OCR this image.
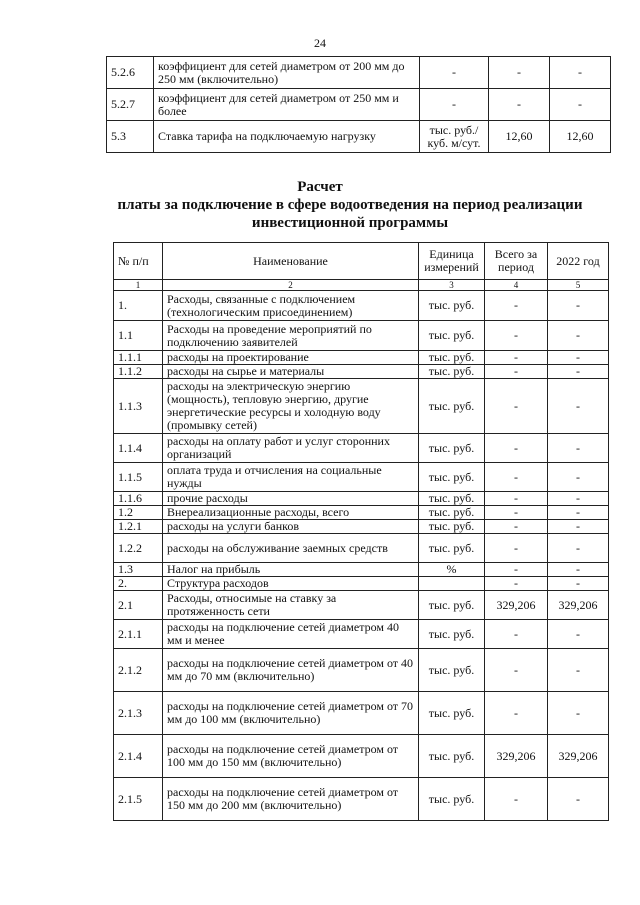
24
5.2.6	коэффициент для сетей диаметром от 200 мм до 250 мм (включительно)	-	-	-
5.2.7	коэффициент для сетей диаметром от 250 мм и более	-	-	-
5.3	Ставка тарифа на подключаемую нагрузку	тыс. руб./ куб. м/сут.	12,60	12,60
Расчет
платы за подключение в сфере водоотведения на период реализации
инвестиционной программы
№ п/п	Наименование	Единица измерений	Всего за период	2022 год
1	2	3	4	5
1.	Расходы, связанные с подключением (технологическим присоединением)	тыс. руб.	-	-
1.1	Расходы на проведение мероприятий по подключению заявителей	тыс. руб.	-	-
1.1.1	расходы на проектирование	тыс. руб.	-	-
1.1.2	расходы на сырье и материалы	тыс. руб.	-	-
1.1.3	расходы на электрическую энергию (мощность), тепловую энергию, другие энергетические ресурсы и холодную воду (промывку сетей)	тыс. руб.	-	-
1.1.4	расходы на оплату работ и услуг сторонних организаций	тыс. руб.	-	-
1.1.5	оплата труда и отчисления на социальные нужды	тыс. руб.	-	-
1.1.6	прочие расходы	тыс. руб.	-	-
1.2	Внереализационные расходы, всего	тыс. руб.	-	-
1.2.1	расходы на услуги банков	тыс. руб.	-	-
1.2.2	расходы на обслуживание заемных средств	тыс. руб.	-	-
1.3	Налог на прибыль	%	-	-
2.	Структура расходов		-	-
2.1	Расходы, относимые на ставку за протяженность сети	тыс. руб.	329,206	329,206
2.1.1	расходы на подключение сетей диаметром 40 мм и менее	тыс. руб.	-	-
2.1.2	расходы на подключение сетей диаметром от 40 мм до 70 мм (включительно)	тыс. руб.	-	-
2.1.3	расходы на подключение сетей диаметром от 70 мм до 100 мм (включительно)	тыс. руб.	-	-
2.1.4	расходы на подключение сетей диаметром от 100 мм до 150 мм (включительно)	тыс. руб.	329,206	329,206
2.1.5	расходы на подключение сетей диаметром от 150 мм до 200 мм (включительно)	тыс. руб.	-	-
